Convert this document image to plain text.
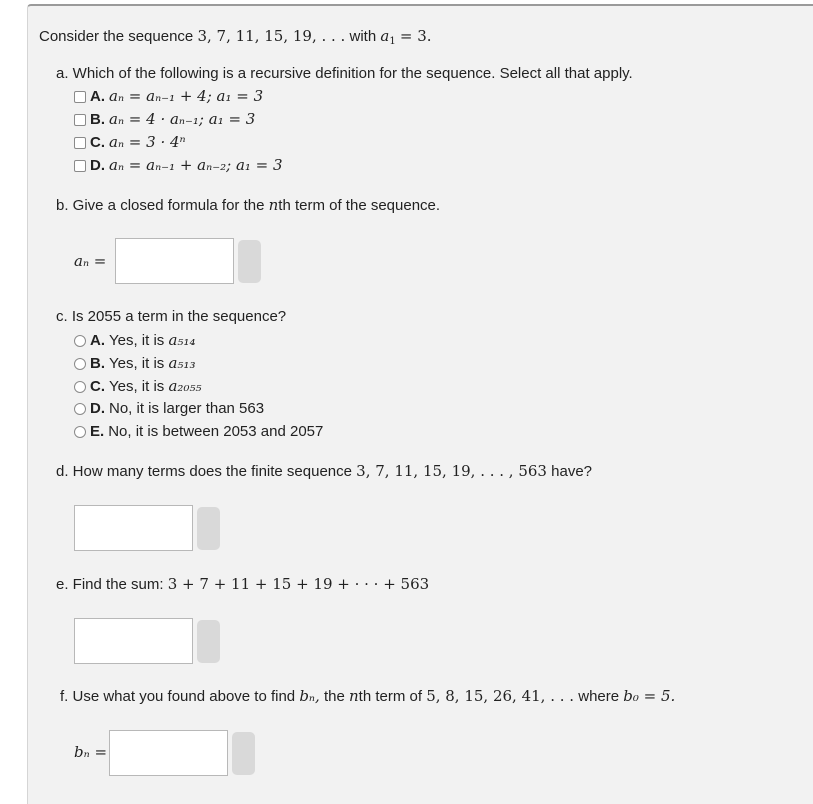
Consider the sequence 3, 7, 11, 15, 19, . . . with $a_1 = 3$.
a. Which of the following is a recursive definition for the sequence. Select all that apply.
A. aₙ = aₙ₋₁ + 4; a₁ = 3
B. aₙ = 4 · aₙ₋₁; a₁ = 3
C. aₙ = 3 · 4ⁿ
D. aₙ = aₙ₋₁ + aₙ₋₂; a₁ = 3
b. Give a closed formula for the nth term of the sequence.
aₙ =
c. Is 2055 a term in the sequence?
A. Yes, it is a₅₁₄
B. Yes, it is a₅₁₃
C. Yes, it is a₂₀₅₅
D. No, it is larger than 563
E. No, it is between 2053 and 2057
d. How many terms does the finite sequence 3, 7, 11, 15, 19, . . . , 563 have?
e. Find the sum: 3 + 7 + 11 + 15 + 19 + · · · + 563
f. Use what you found above to find bₙ, the nth term of 5, 8, 15, 26, 41, . . . where b₀ = 5.
bₙ =
